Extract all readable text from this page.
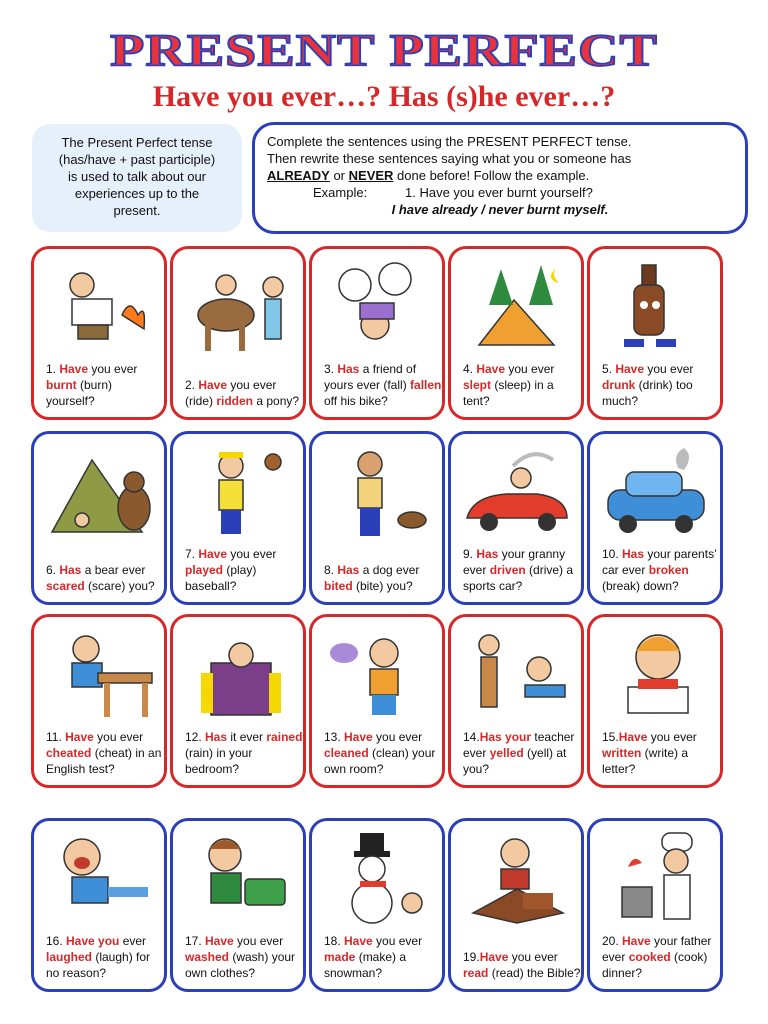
PRESENT PERFECT
Have you ever…? Has (s)he ever…?
The Present Perfect tense
(has/have + past participle)
is used to talk about our
experiences up to the
present.
Complete the sentences using the PRESENT PERFECT tense.
Then rewrite these sentences saying what you or someone has
ALREADY or NEVER done before! Follow the example.
Example:	1. Have you ever burnt yourself?
I have already / never burnt myself.
1. Have you ever burnt (burn) yourself?
2. Have you ever (ride) ridden a pony?
3. Has a friend of yours ever (fall) fallen off his bike?
4. Have you ever slept (sleep) in a tent?
5. Have you ever drunk (drink) too much?
6. Has a bear ever scared (scare) you?
7. Have you ever played (play) baseball?
8. Has a dog ever bited (bite) you?
9. Has your granny ever driven (drive) a sports car?
10. Has your parents’ car ever broken (break) down?
11. Have you ever cheated (cheat) in an English test?
12. Has it ever rained (rain) in your bedroom?
13. Have you ever cleaned (clean) your own room?
14.Has your teacher ever yelled (yell) at you?
15.Have you ever written (write) a letter?
16. Have you ever laughed (laugh) for no reason?
17. Have you ever washed (wash) your own clothes?
18. Have you ever made (make) a snowman?
19.Have you ever read (read) the Bible?
20. Have your father ever cooked (cook) dinner?
